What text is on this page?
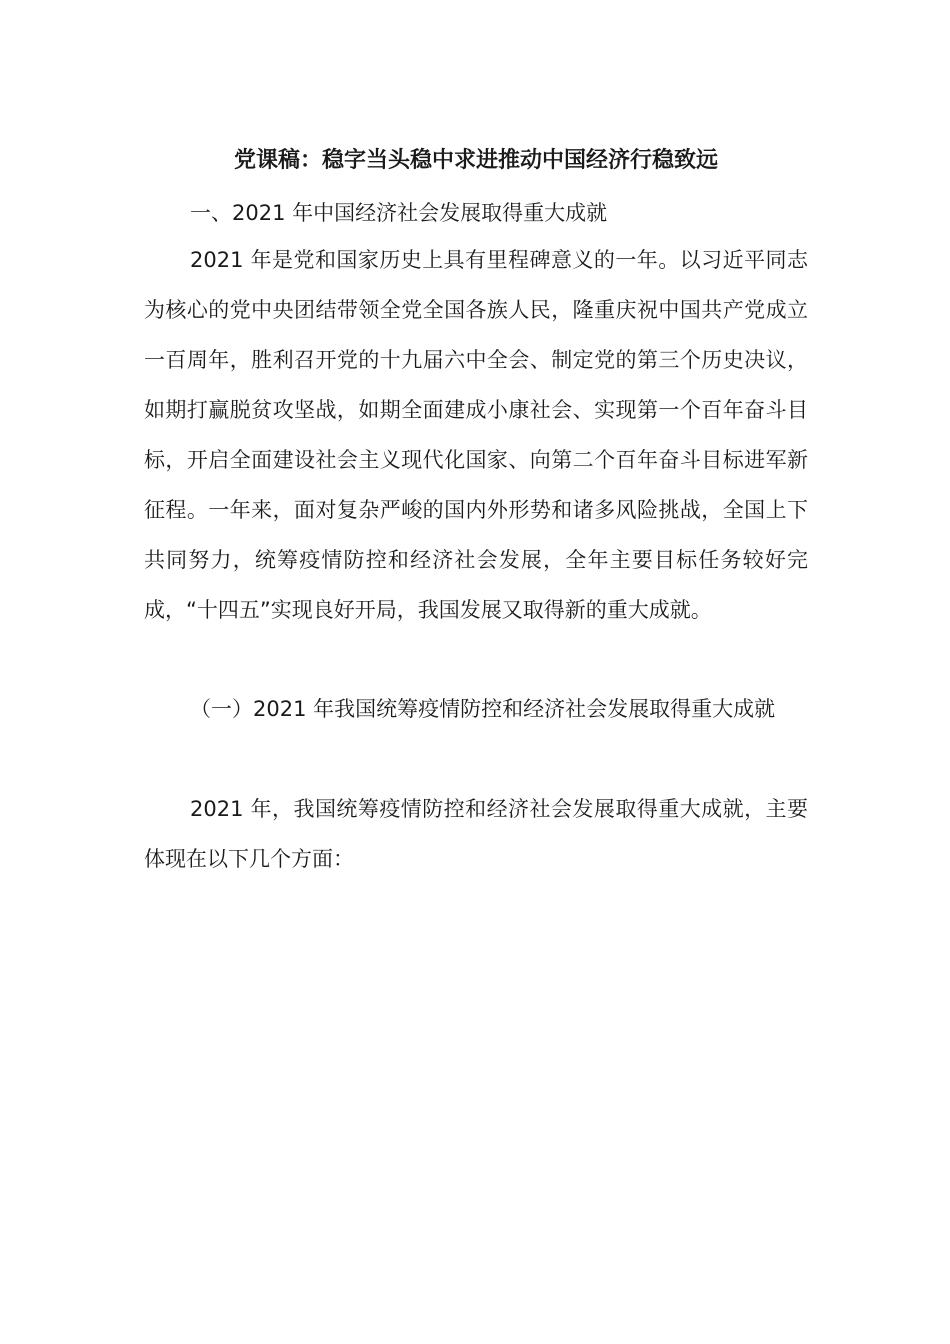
党课稿：稳字当头稳中求进推动中国经济行稳致远
一、2021 年中国经济社会发展取得重大成就

2021 年是党和国家历史上具有里程碑意义的一年。以习近平同志为核心的党中央团结带领全党全国各族人民，隆重庆祝中国共产党成立一百周年，胜利召开党的十九届六中全会、制定党的第三个历史决议，如期打赢脱贫攻坚战，如期全面建成小康社会、实现第一个百年奋斗目标，开启全面建设社会主义现代化国家、向第二个百年奋斗目标进军新征程。一年来，面对复杂严峻的国内外形势和诸多风险挑战，全国上下共同努力，统筹疫情防控和经济社会发展，全年主要目标任务较好完成，“十四五”实现良好开局，我国发展又取得新的重大成就。

（一）2021 年我国统筹疫情防控和经济社会发展取得重大成就

2021 年，我国统筹疫情防控和经济社会发展取得重大成就，主要体现在以下几个方面：
